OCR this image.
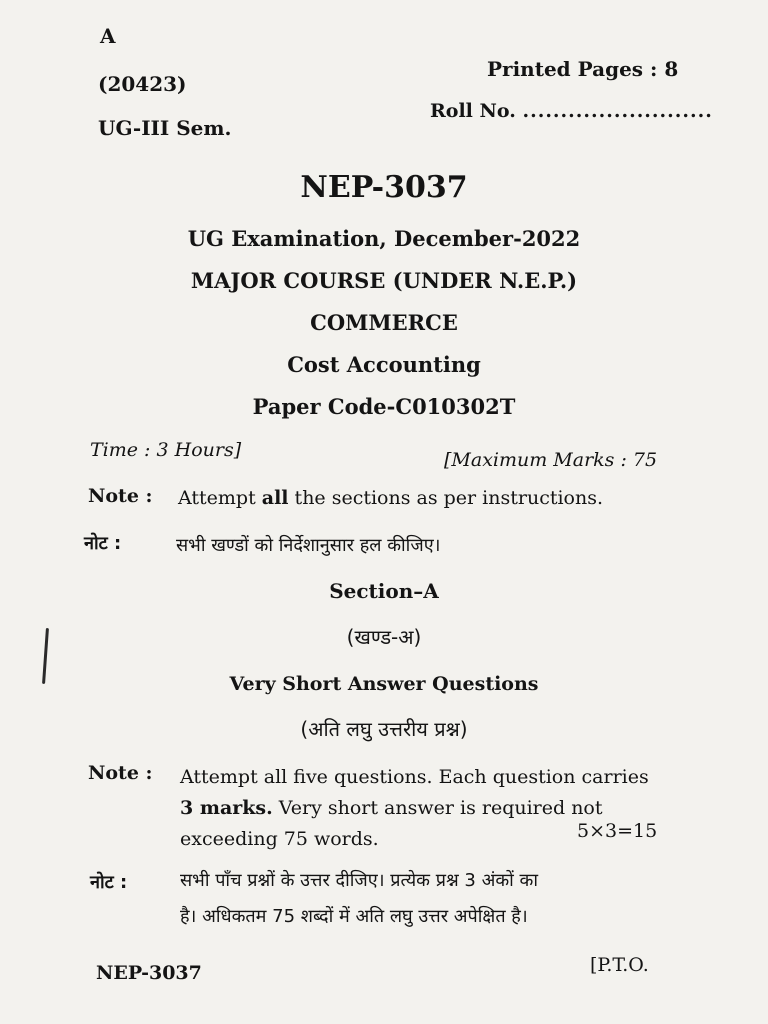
A
(20423)
UG-III Sem.
Printed Pages : 8
Roll No. .........................
NEP-3037
UG Examination, December-2022
MAJOR COURSE (UNDER N.E.P.)
COMMERCE
Cost Accounting
Paper Code-C010302T
Time : 3 Hours]	[Maximum Marks : 75
Note : Attempt all the sections as per instructions.
नोट :	सभी खण्डों को निर्देशानुसार हल कीजिए।
Section–A
(खण्ड-अ)
Very Short Answer Questions
(अति लघु उत्तरीय प्रश्न)
Note : Attempt all five questions. Each question carries
3 marks. Very short answer is required not
exceeding 75 words.	5×3=15
नोट :	सभी पाँच प्रश्नों के उत्तर दीजिए। प्रत्येक प्रश्न 3 अंकों का
है। अधिकतम 75 शब्दों में अति लघु उत्तर अपेक्षित है।
NEP-3037	[P.T.O.
